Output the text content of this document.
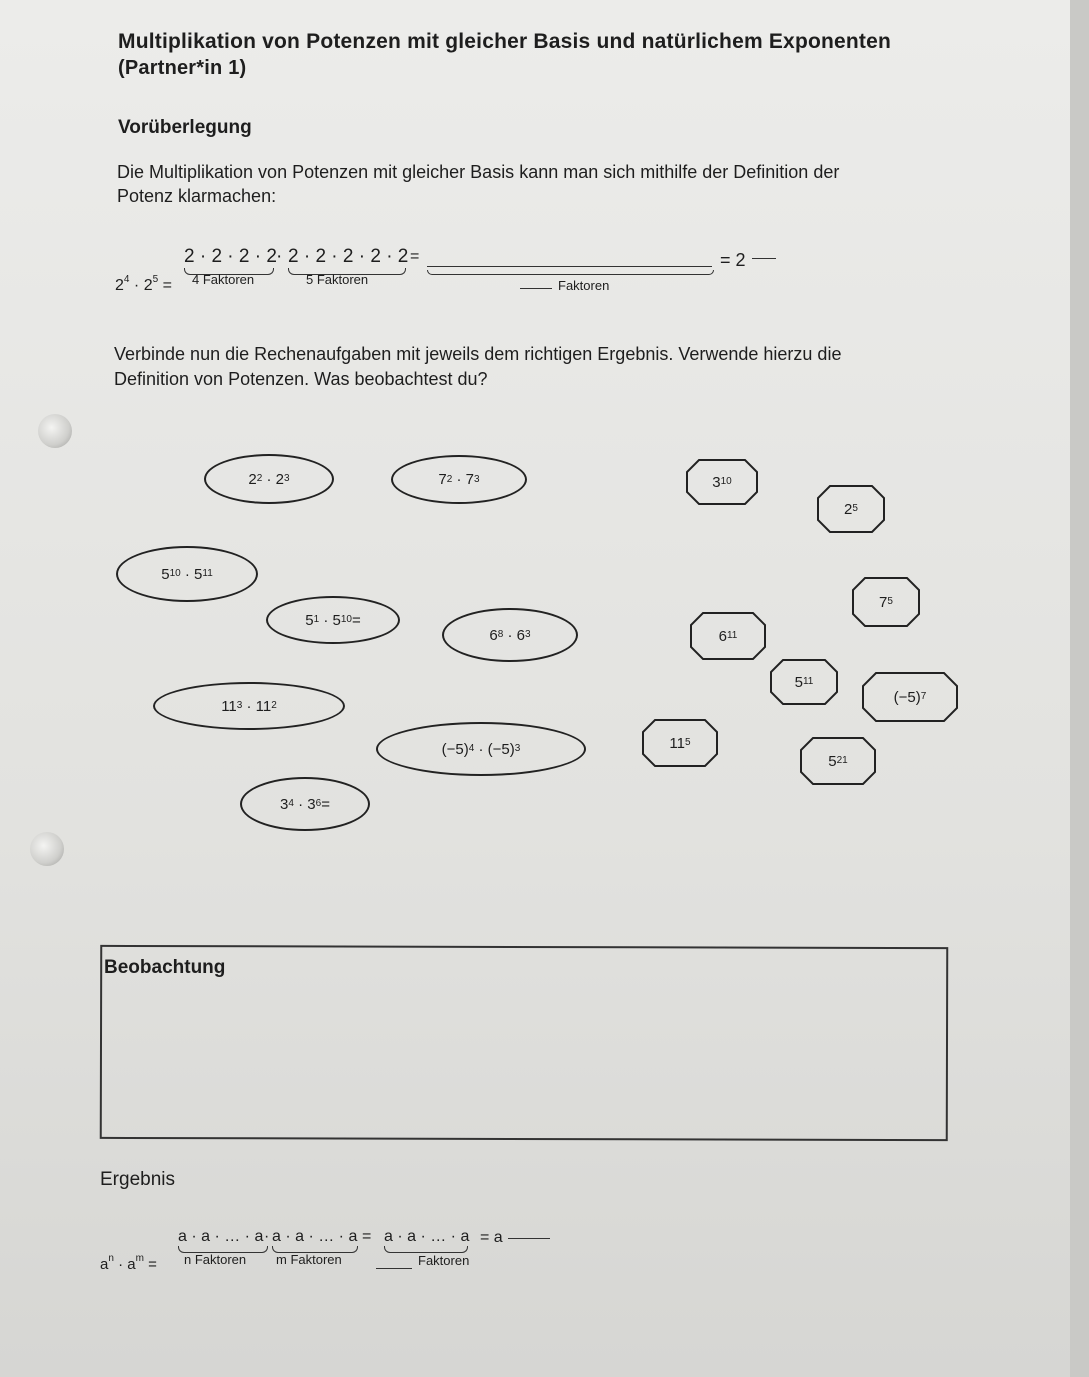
Multiplikation von Potenzen mit gleicher Basis und natürlichem Exponenten
(Partner*in 1)
Vorüberlegung
Die Multiplikation von Potenzen mit gleicher Basis kann man sich mithilfe der Definition der
Potenz klarmachen:
$2^4 \cdot 2^5$ =
2 · 2 · 2 · 2
4 Faktoren
· 2 · 2 · 2 · 2 · 2
5 Faktoren
=
Faktoren
= 2
Verbinde nun die Rechenaufgaben mit jeweils dem richtigen Ergebnis. Verwende hierzu die
Definition von Potenzen. Was beobachtest du?
2 2 · 2 3	7 2 · 7 3
5 10 · 5 11
5 1 · 5 10 =
6 8 · 6 3
11 3 · 11 2
(−5) 4 · (−5) 3
3 4 · 3 6 =
3 10
2 5
7 5
6 11
5 11
(−5) 7
11 5
5 21
Beobachtung
Ergebnis
$a^n \cdot a^m$ =
a · a · … · a
n Faktoren
· a · a · … · a
m Faktoren
= a · a · … · a
Faktoren
= a
